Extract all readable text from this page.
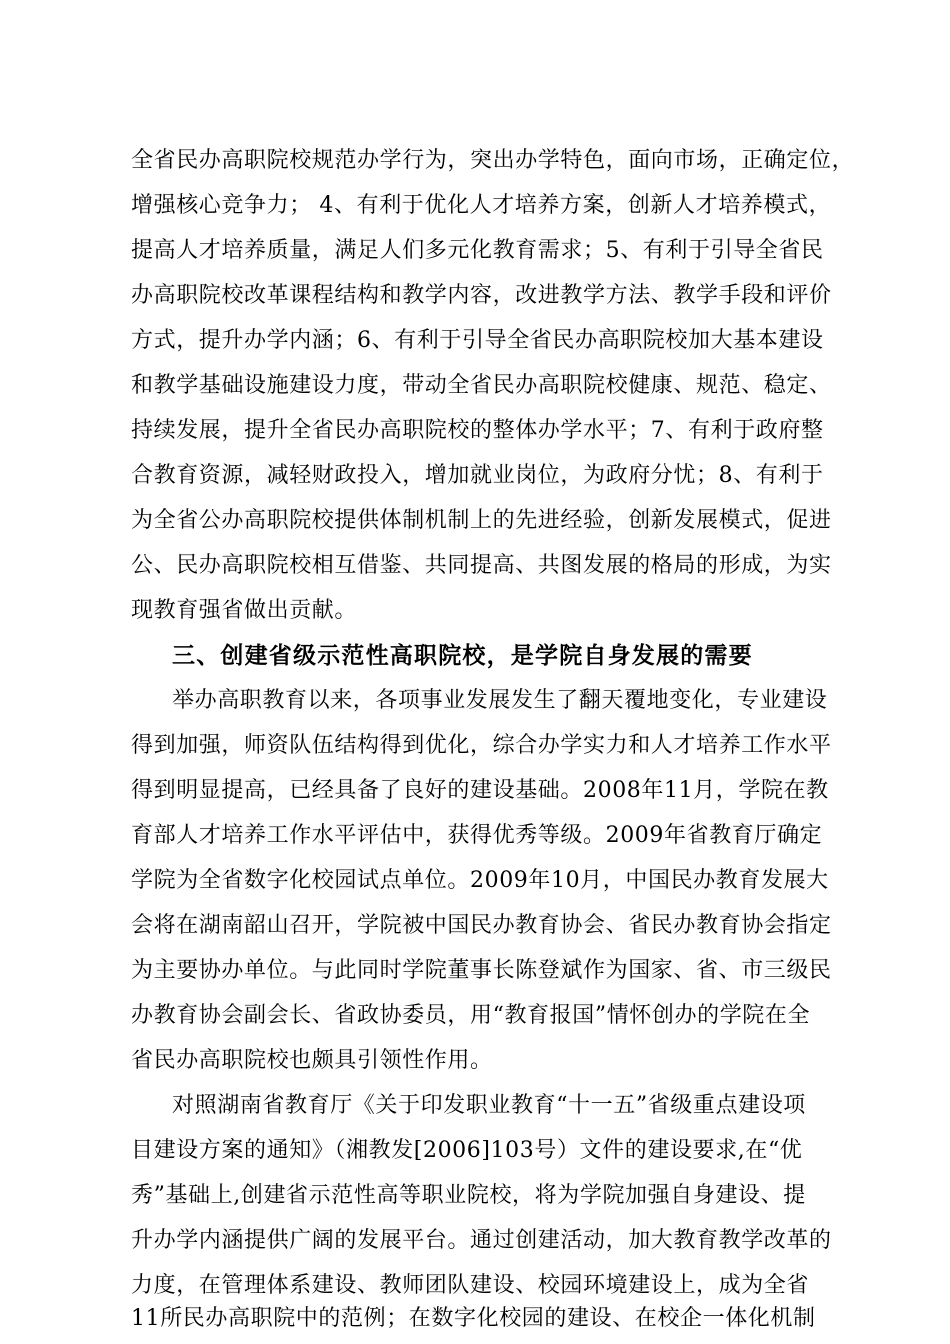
全省民办高职院校规范办学行为，突出办学特色，面向市场，正确定位，
增强核心竞争力； 4、有利于优化人才培养方案，创新人才培养模式，
提高人才培养质量，满足人们多元化教育需求；5、有利于引导全省民
办高职院校改革课程结构和教学内容，改进教学方法、教学手段和评价
方式，提升办学内涵；6、有利于引导全省民办高职院校加大基本建设
和教学基础设施建设力度，带动全省民办高职院校健康、规范、稳定、
持续发展，提升全省民办高职院校的整体办学水平；7、有利于政府整
合教育资源，减轻财政投入，增加就业岗位，为政府分忧；8、有利于
为全省公办高职院校提供体制机制上的先进经验，创新发展模式，促进
公、民办高职院校相互借鉴、共同提高、共图发展的格局的形成，为实
现教育强省做出贡献。
三、创建省级示范性高职院校，是学院自身发展的需要
举办高职教育以来，各项事业发展发生了翻天覆地变化，专业建设
得到加强，师资队伍结构得到优化，综合办学实力和人才培养工作水平
得到明显提高，已经具备了良好的建设基础。2008年11月，学院在教
育部人才培养工作水平评估中，获得优秀等级。2009年省教育厅确定
学院为全省数字化校园试点单位。2009年10月，中国民办教育发展大
会将在湖南韶山召开，学院被中国民办教育协会、省民办教育协会指定
为主要协办单位。与此同时学院董事长陈登斌作为国家、省、市三级民
办教育协会副会长、省政协委员，用“教育报国”情怀创办的学院在全
省民办高职院校也颇具引领性作用。
对照湖南省教育厅《关于印发职业教育“十一五”省级重点建设项
目建设方案的通知》（湘教发[2006]103号）文件的建设要求,在“优
秀”基础上,创建省示范性高等职业院校，将为学院加强自身建设、提
升办学内涵提供广阔的发展平台。通过创建活动，加大教育教学改革的
力度，在管理体系建设、教师团队建设、校园环境建设上，成为全省
11所民办高职院中的范例；在数字化校园的建设、在校企一体化机制
